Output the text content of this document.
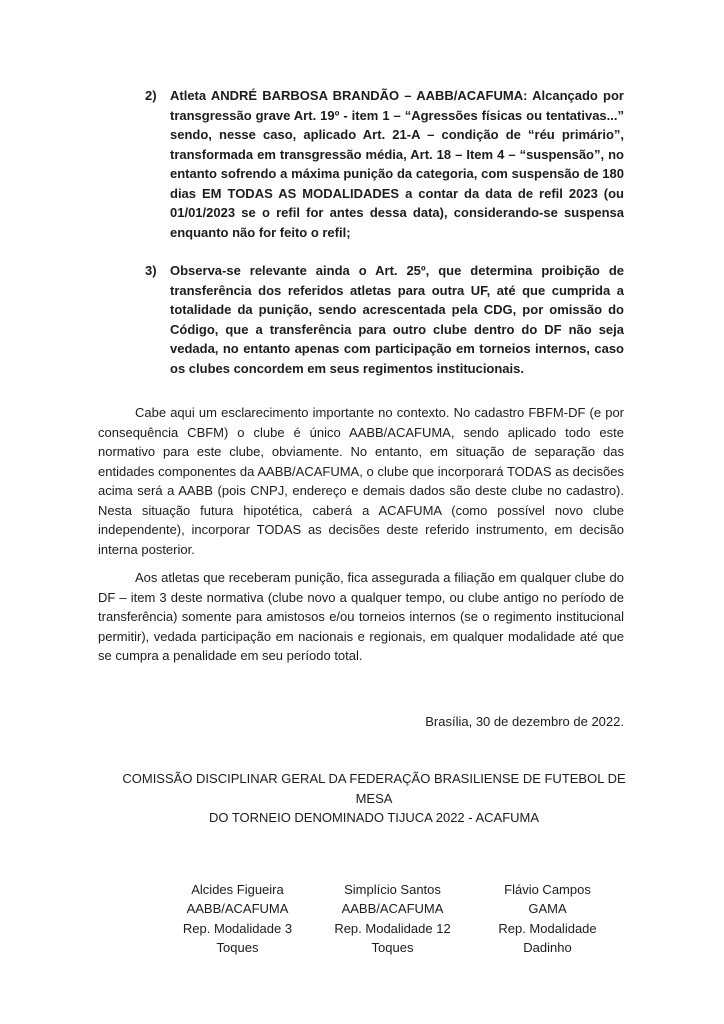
2)	Atleta ANDRÉ BARBOSA BRANDÃO – AABB/ACAFUMA: Alcançado por transgressão grave Art. 19º - item 1 – “Agressões físicas ou tentativas...” sendo, nesse caso, aplicado Art. 21-A – condição de “réu primário”, transformada em transgressão média, Art. 18 – Item 4 – “suspensão”, no entanto sofrendo a máxima punição da categoria, com suspensão de 180 dias EM TODAS AS MODALIDADES a contar da data de refil 2023 (ou 01/01/2023 se o refil for antes dessa data), considerando-se suspensa enquanto não for feito o refil;
3)	Observa-se relevante ainda o Art. 25º, que determina proibição de transferência dos referidos atletas para outra UF, até que cumprida a totalidade da punição, sendo acrescentada pela CDG, por omissão do Código, que a transferência para outro clube dentro do DF não seja vedada, no entanto apenas com participação em torneios internos, caso os clubes concordem em seus regimentos institucionais.

Cabe aqui um esclarecimento importante no contexto. No cadastro FBFM-DF (e por consequência CBFM) o clube é único AABB/ACAFUMA, sendo aplicado todo este normativo para este clube, obviamente. No entanto, em situação de separação das entidades componentes da AABB/ACAFUMA, o clube que incorporará TODAS as decisões acima será a AABB (pois CNPJ, endereço e demais dados são deste clube no cadastro). Nesta situação futura hipotética, caberá a ACAFUMA (como possível novo clube independente), incorporar TODAS as decisões deste referido instrumento, em decisão interna posterior.

Aos atletas que receberam punição, fica assegurada a filiação em qualquer clube do DF – item 3 deste normativa (clube novo a qualquer tempo, ou clube antigo no período de transferência) somente para amistosos e/ou torneios internos (se o regimento institucional permitir), vedada participação em nacionais e regionais, em qualquer modalidade até que se cumpra a penalidade em seu período total.

Brasília, 30 de dezembro de 2022.
COMISSÃO DISCIPLINAR GERAL DA FEDERAÇÃO BRASILIENSE DE FUTEBOL DE MESA
DO TORNEIO DENOMINADO TIJUCA 2022 - ACAFUMA
Alcides Figueira
AABB/ACAFUMA
Rep. Modalidade 3
Toques
Simplício Santos
AABB/ACAFUMA
Rep. Modalidade 12
Toques
Flávio Campos
GAMA
Rep. Modalidade
Dadinho
